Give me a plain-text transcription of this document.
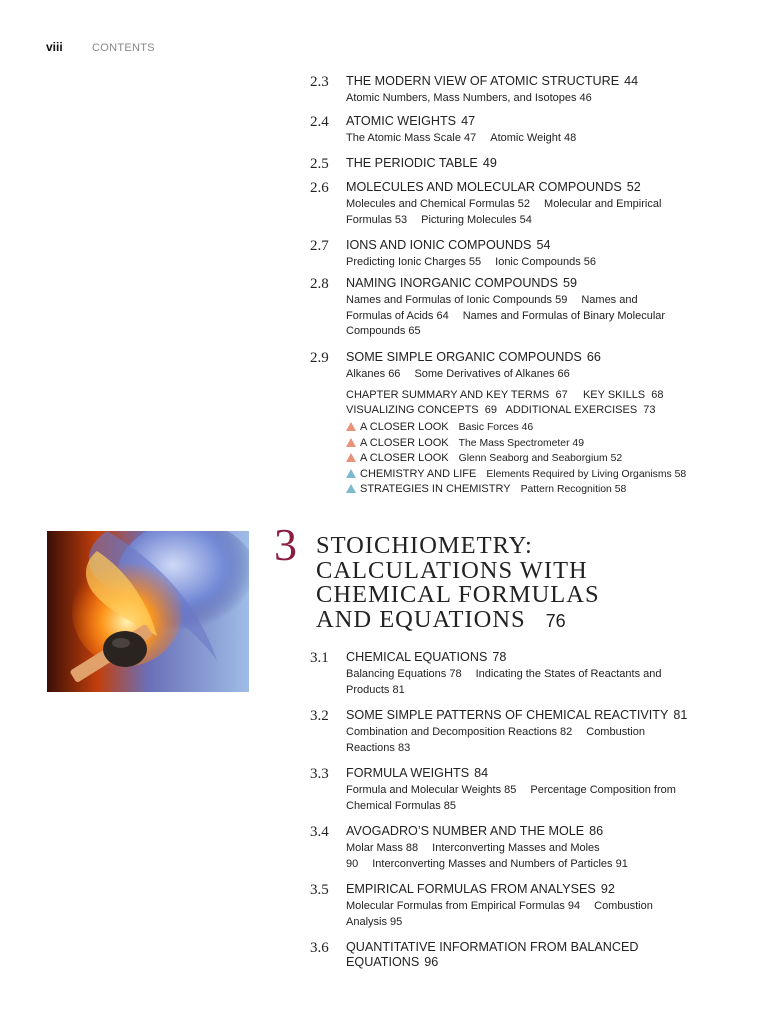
viii	CONTENTS
2.3	THE MODERN VIEW OF ATOMIC STRUCTURE 44
Atomic Numbers, Mass Numbers, and Isotopes 46
2.4	ATOMIC WEIGHTS 47
The Atomic Mass Scale 47 Atomic Weight 48
2.5	THE PERIODIC TABLE 49
2.6	MOLECULES AND MOLECULAR COMPOUNDS 52
Molecules and Chemical Formulas 52 Molecular and Empirical Formulas 53 Picturing Molecules 54
2.7	IONS AND IONIC COMPOUNDS 54
Predicting Ionic Charges 55 Ionic Compounds 56
2.8	NAMING INORGANIC COMPOUNDS 59
Names and Formulas of Ionic Compounds 59 Names and Formulas of Acids 64 Names and Formulas of Binary Molecular Compounds 65
2.9	SOME SIMPLE ORGANIC COMPOUNDS 66
Alkanes 66 Some Derivatives of Alkanes 66
CHAPTER SUMMARY AND KEY TERMS  67     KEY SKILLS  68
VISUALIZING CONCEPTS  69   ADDITIONAL EXERCISES  73
A CLOSER LOOK Basic Forces 46
A CLOSER LOOK The Mass Spectrometer 49
A CLOSER LOOK Glenn Seaborg and Seaborgium 52
CHEMISTRY AND LIFE Elements Required by Living Organisms 58
STRATEGIES IN CHEMISTRY Pattern Recognition 58
3 STOICHIOMETRY:
CALCULATIONS WITH
CHEMICAL FORMULAS
AND EQUATIONS 76
3.1	CHEMICAL EQUATIONS 78
Balancing Equations 78 Indicating the States of Reactants and Products 81
3.2	SOME SIMPLE PATTERNS OF CHEMICAL REACTIVITY 81
Combination and Decomposition Reactions 82 Combustion Reactions 83
3.3	FORMULA WEIGHTS 84
Formula and Molecular Weights 85 Percentage Composition from Chemical Formulas 85
3.4	AVOGADRO’S NUMBER AND THE MOLE 86
Molar Mass 88 Interconverting Masses and Moles 90 Interconverting Masses and Numbers of Particles 91
3.5	EMPIRICAL FORMULAS FROM ANALYSES 92
Molecular Formulas from Empirical Formulas 94 Combustion Analysis 95
3.6	QUANTITATIVE INFORMATION FROM BALANCED EQUATIONS 96
